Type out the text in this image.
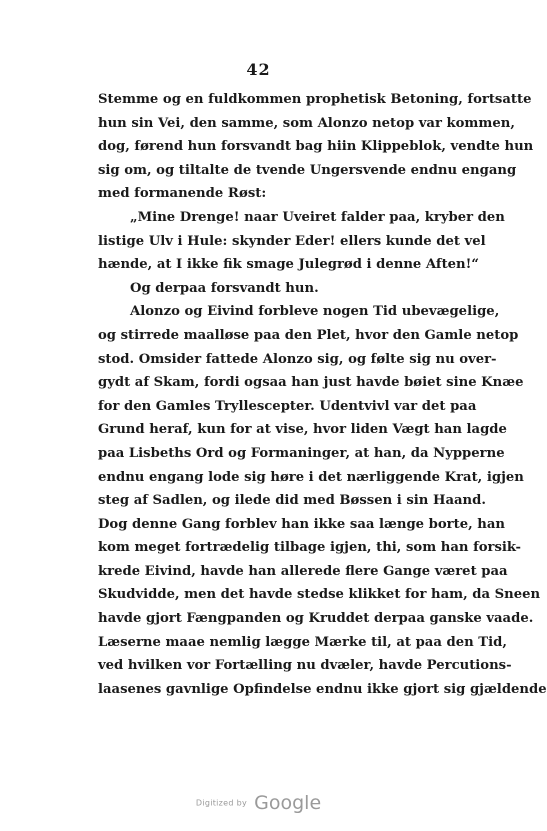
42
Stemme og en fuldkommen prophetisk Betoning, fortsatte
hun sin Vei, den samme, som Alonzo netop var kommen,
dog, førend hun forsvandt bag hiin Klippeblok, vendte hun
sig om, og tiltalte de tvende Ungersvende endnu engang
med formanende Røst:
„Mine Drenge! naar Uveiret falder paa, kryber den
listige Ulv i Hule: skynder Eder! ellers kunde det vel
hænde, at I ikke fik smage Julegrød i denne Aften!“
Og derpaa forsvandt hun.
Alonzo og Eivind forbleve nogen Tid ubevægelige,
og stirrede maalløse paa den Plet, hvor den Gamle netop
stod. Omsider fattede Alonzo sig, og følte sig nu over-
gydt af Skam, fordi ogsaa han just havde bøiet sine Knæe
for den Gamles Tryllescepter. Udentvivl var det paa
Grund heraf, kun for at vise, hvor liden Vægt han lagde
paa Lisbeths Ord og Formaninger, at han, da Nypperne
endnu engang lode sig høre i det nærliggende Krat, igjen
steg af Sadlen, og ilede did med Bøssen i sin Haand.
Dog denne Gang forblev han ikke saa længe borte, han
kom meget fortrædelig tilbage igjen, thi, som han forsik-
krede Eivind, havde han allerede flere Gange været paa
Skudvidde, men det havde stedse klikket for ham, da Sneen
havde gjort Fængpanden og Kruddet derpaa ganske vaade.
Læserne maae nemlig lægge Mærke til, at paa den Tid,
ved hvilken vor Fortælling nu dvæler, havde Percutions-
laasenes gavnlige Opfindelse endnu ikke gjort sig gjældende
Digitized by Google
